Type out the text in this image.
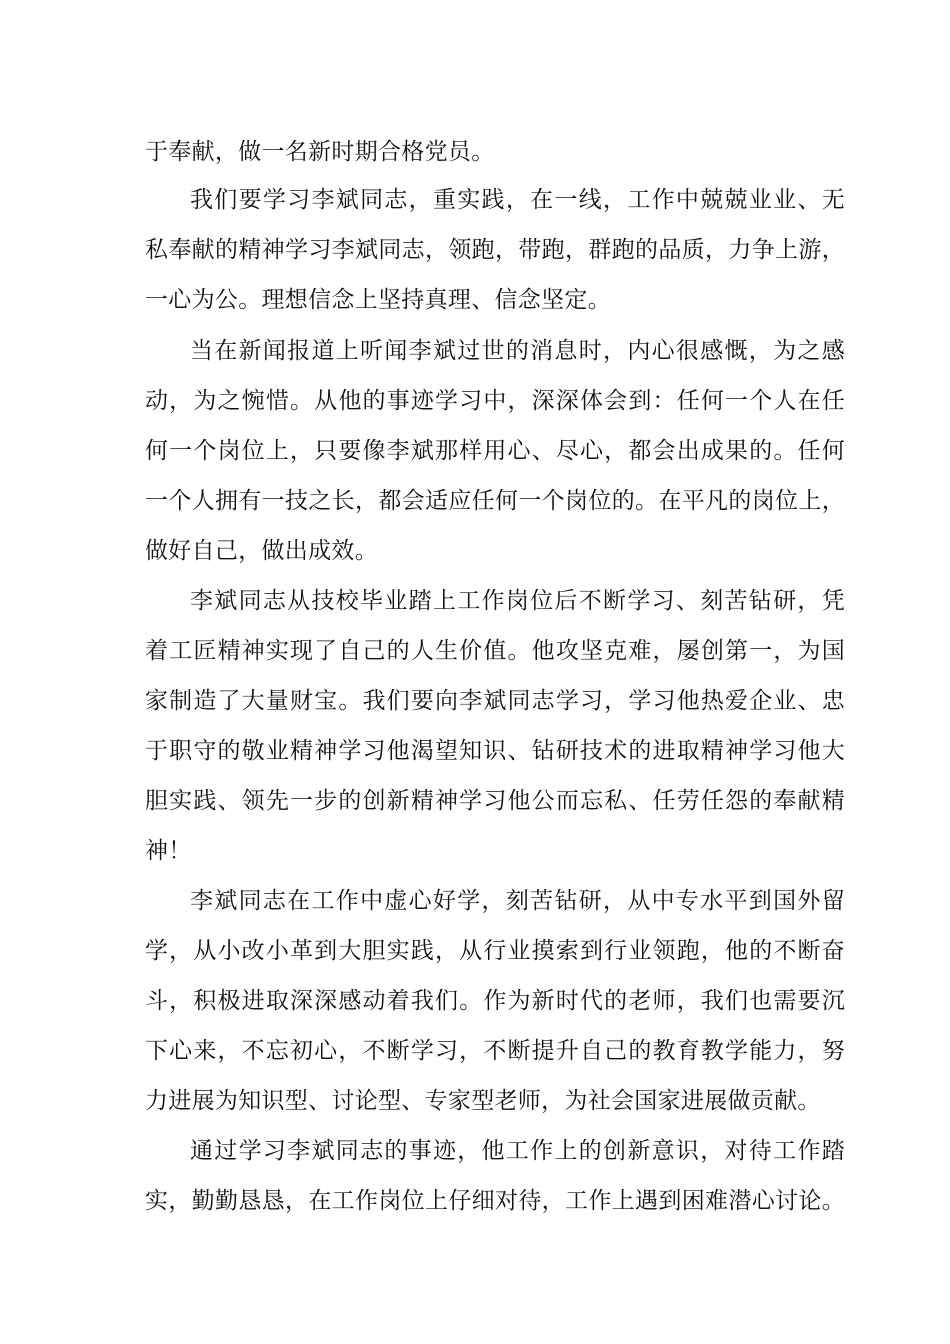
于奉献，做一名新时期合格党员。

我们要学习李斌同志，重实践，在一线，工作中兢兢业业、无

私奉献的精神学习李斌同志，领跑，带跑，群跑的品质，力争上游，

一心为公。理想信念上坚持真理、信念坚定。

当在新闻报道上听闻李斌过世的消息时，内心很感慨，为之感

动，为之惋惜。从他的事迹学习中，深深体会到：任何一个人在任

何一个岗位上，只要像李斌那样用心、尽心，都会出成果的。任何

一个人拥有一技之长，都会适应任何一个岗位的。在平凡的岗位上，

做好自己，做出成效。

李斌同志从技校毕业踏上工作岗位后不断学习、刻苦钻研，凭

着工匠精神实现了自己的人生价值。他攻坚克难，屡创第一，为国

家制造了大量财宝。我们要向李斌同志学习，学习他热爱企业、忠

于职守的敬业精神学习他渴望知识、钻研技术的进取精神学习他大

胆实践、领先一步的创新精神学习他公而忘私、任劳任怨的奉献精

神！

李斌同志在工作中虚心好学，刻苦钻研，从中专水平到国外留

学，从小改小革到大胆实践，从行业摸索到行业领跑，他的不断奋

斗，积极进取深深感动着我们。作为新时代的老师，我们也需要沉

下心来，不忘初心，不断学习，不断提升自己的教育教学能力，努

力进展为知识型、讨论型、专家型老师，为社会国家进展做贡献。

通过学习李斌同志的事迹，他工作上的创新意识，对待工作踏

实，勤勤恳恳，在工作岗位上仔细对待，工作上遇到困难潜心讨论。
